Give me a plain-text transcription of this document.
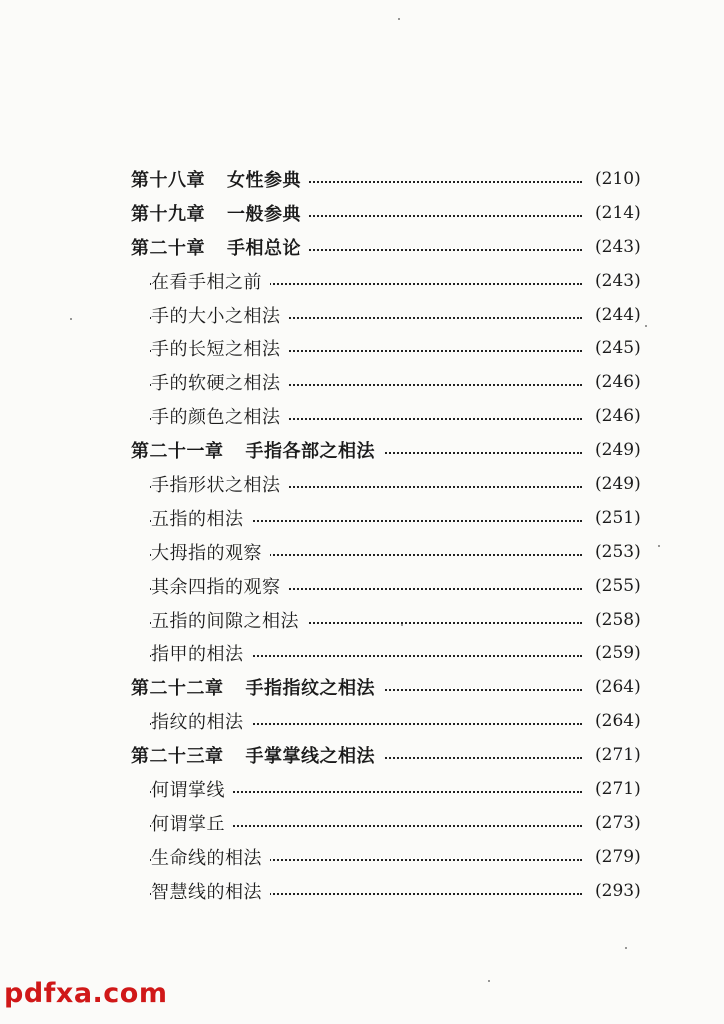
第十八章 女性参典	(210)
第十九章 一般参典	(214)
第二十章 手相总论	(243)
在看手相之前	(243)
手的大小之相法	(244)
手的长短之相法	(245)
手的软硬之相法	(246)
手的颜色之相法	(246)
第二十一章 手指各部之相法	(249)
手指形状之相法	(249)
五指的相法	(251)
大拇指的观察	(253)
其余四指的观察	(255)
五指的间隙之相法	(258)
指甲的相法	(259)
第二十二章 手指指纹之相法	(264)
指纹的相法	(264)
第二十三章 手掌掌线之相法	(271)
何谓掌线	(271)
何谓掌丘	(273)
生命线的相法	(279)
智慧线的相法	(293)
pdfxa.com
